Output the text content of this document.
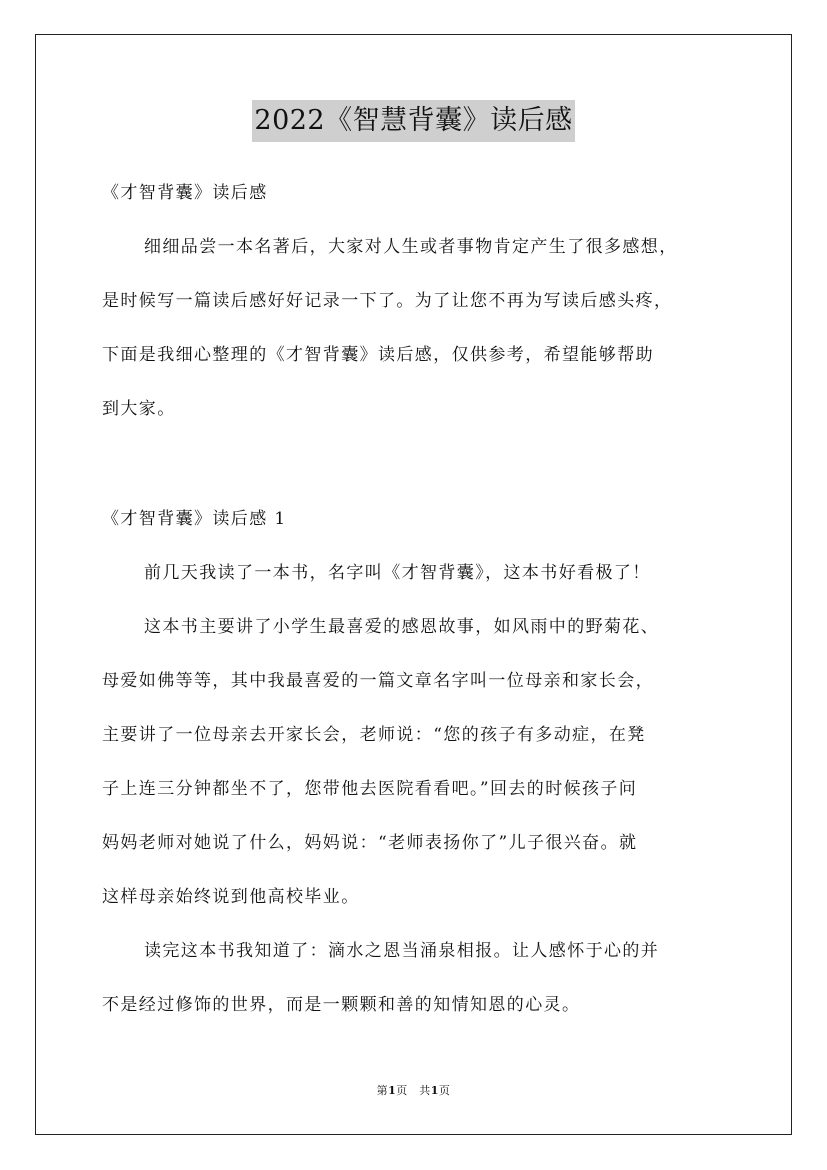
2022《智慧背囊》读后感
《才智背囊》读后感
细细品尝一本名著后，大家对人生或者事物肯定产生了很多感想，
是时候写一篇读后感好好记录一下了。为了让您不再为写读后感头疼，
下面是我细心整理的《才智背囊》读后感，仅供参考，希望能够帮助
到大家。
《才智背囊》读后感 1
前几天我读了一本书，名字叫《才智背囊》，这本书好看极了！
这本书主要讲了小学生最喜爱的感恩故事，如风雨中的野菊花、
母爱如佛等等，其中我最喜爱的一篇文章名字叫一位母亲和家长会，
主要讲了一位母亲去开家长会，老师说：“您的孩子有多动症，在凳
子上连三分钟都坐不了，您带他去医院看看吧。”回去的时候孩子问
妈妈老师对她说了什么，妈妈说：“老师表扬你了”儿子很兴奋。就
这样母亲始终说到他高校毕业。
读完这本书我知道了：滴水之恩当涌泉相报。让人感怀于心的并
不是经过修饰的世界，而是一颗颗和善的知情知恩的心灵。
第1页　共1页
